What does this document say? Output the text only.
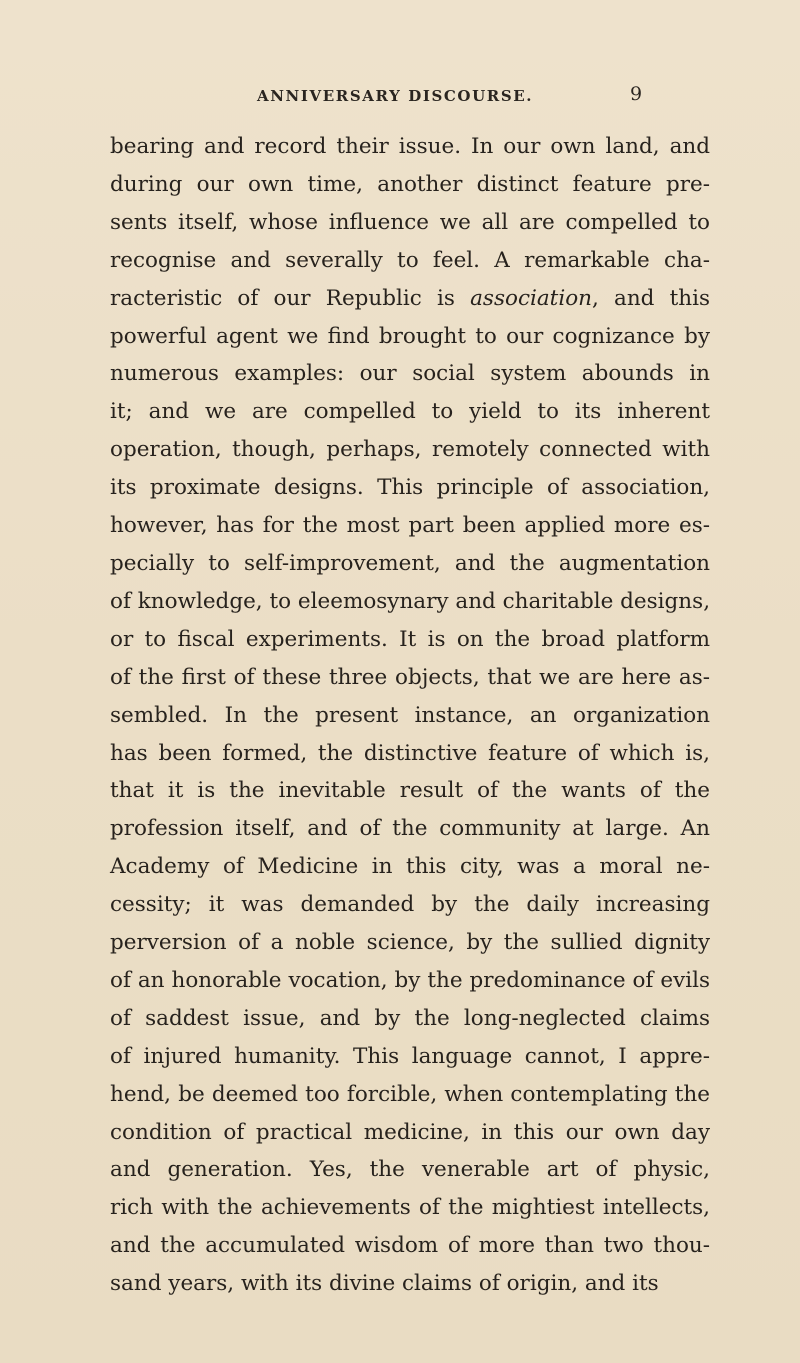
ANNIVERSARY DISCOURSE.	9
bearing and record their issue. In our own land, and
during our own time, another distinct feature pre-
sents itself, whose influence we all are compelled to
recognise and severally to feel. A remarkable cha-
racteristic of our Republic is association, and this
powerful agent we find brought to our cognizance by
numerous examples: our social system abounds in
it; and we are compelled to yield to its inherent
operation, though, perhaps, remotely connected with
its proximate designs. This principle of association,
however, has for the most part been applied more es-
pecially to self-improvement, and the augmentation
of knowledge, to eleemosynary and charitable designs,
or to fiscal experiments. It is on the broad platform
of the first of these three objects, that we are here as-
sembled. In the present instance, an organization
has been formed, the distinctive feature of which is,
that it is the inevitable result of the wants of the
profession itself, and of the community at large. An
Academy of Medicine in this city, was a moral ne-
cessity; it was demanded by the daily increasing
perversion of a noble science, by the sullied dignity
of an honorable vocation, by the predominance of evils
of saddest issue, and by the long-neglected claims
of injured humanity. This language cannot, I appre-
hend, be deemed too forcible, when contemplating the
condition of practical medicine, in this our own day
and generation. Yes, the venerable art of physic,
rich with the achievements of the mightiest intellects,
and the accumulated wisdom of more than two thou-
sand years, with its divine claims of origin, and its
